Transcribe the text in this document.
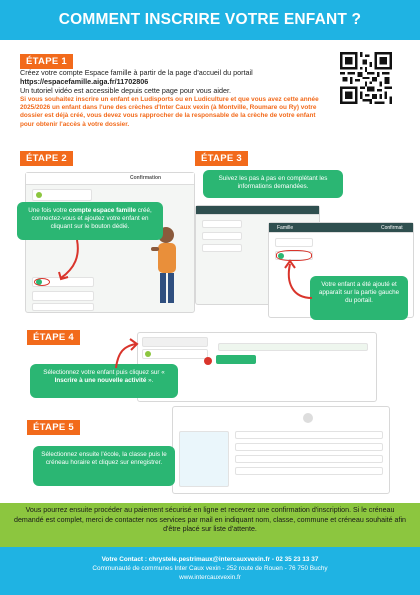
COMMENT INSCRIRE VOTRE ENFANT ?
ÉTAPE 1
Créez votre compte Espace famille à partir de la page d'accueil du portail
https://espacefamille.aiga.fr/11702806
Un tutoriel vidéo est accessible depuis cette page pour vous aider.
Si vous souhaitez inscrire un enfant en Ludisports ou en Ludiculture et que vous avez cette année 2025/2026 un enfant dans l'une des crèches d'Inter Caux vexin (à Montville, Roumare ou Ry) votre dossier est déjà créé, vous devez vous rapprocher de la responsable de la crèche de votre enfant pour obtenir l'accès à votre dossier.
ÉTAPE 2
Confirmation
Une fois votre compte espace famille créé, connectez-vous et ajoutez votre enfant en cliquant sur le bouton dédié.
ÉTAPE 3
Famille	Confirmat
Suivez les pas à pas en complétant les informations demandées.
Votre enfant a été ajouté et apparaît sur la partie gauche du portail.
ÉTAPE 4
Sélectionnez votre enfant puis cliquez sur « Inscrire à une nouvelle activité ».
ÉTAPE 5
Sélectionnez ensuite l'école, la classe puis le créneau horaire et cliquez sur enregistrer.
Vous pourrez ensuite procéder au paiement sécurisé en ligne et recevrez une confirmation d'inscription. Si le créneau demandé est complet, merci de contacter nos services par mail en indiquant nom, classe, commune et créneau souhaité afin d'être placé sur liste d'attente.
Votre Contact : chrystele.pestrimaux@intercauxvexin.fr - 02 35 23 13 37
Communauté de communes Inter Caux vexin - 252 route de Rouen - 76 750 Buchy
www.intercauxvexin.fr
